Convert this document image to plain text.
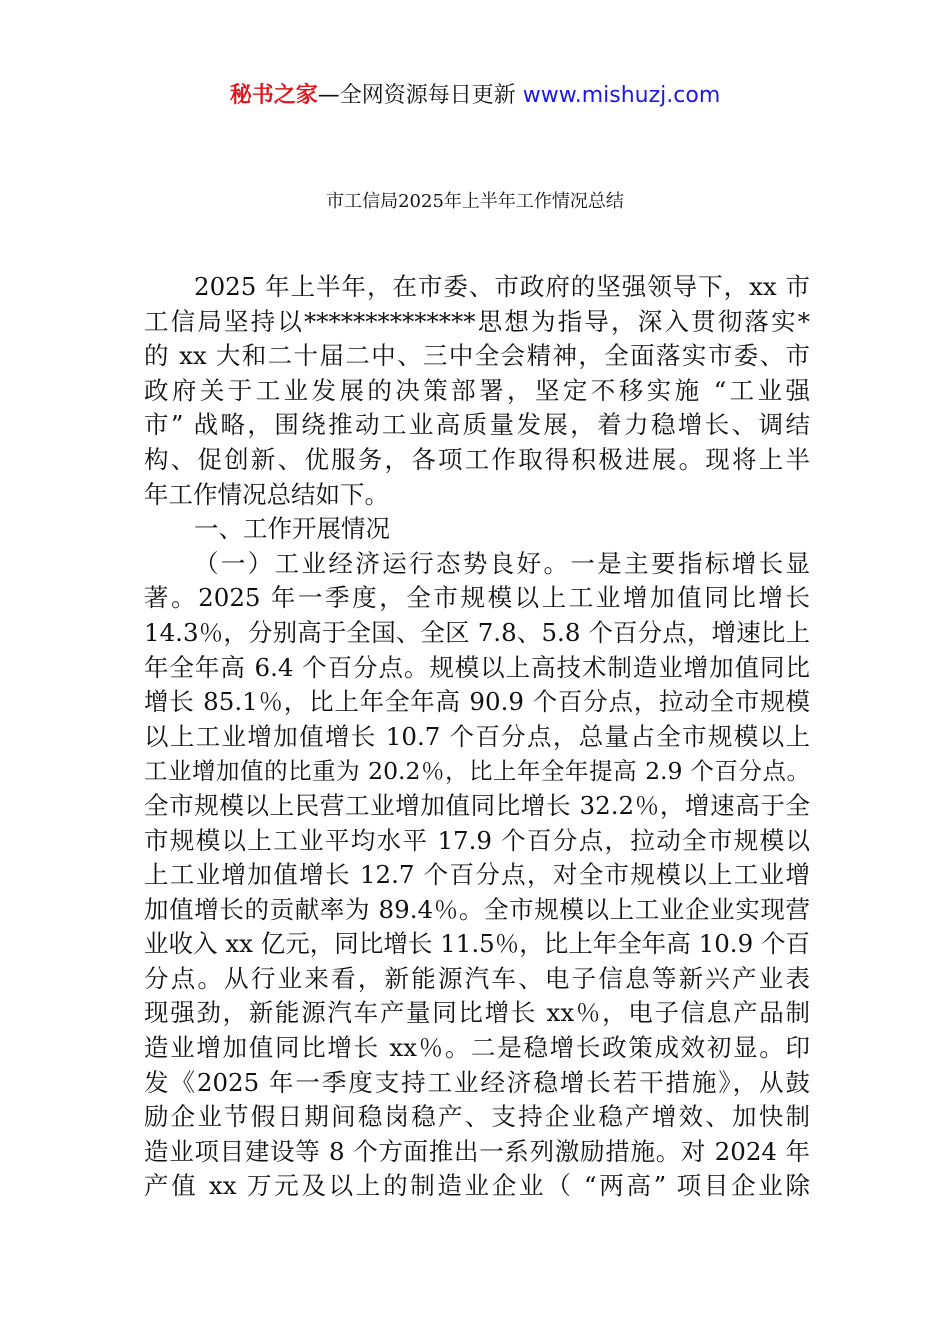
秘书之家—全网资源每日更新 www.mishuzj.com
市工信局2025年上半年工作情况总结
2025 年上半年，在市委、市政府的坚强领导下，xx 市
工信局坚持以**************思想为指导，深入贯彻落实*
的 xx 大和二十届二中、三中全会精神，全面落实市委、市
政府关于工业发展的决策部署，坚定不移实施 “工业强
市” 战略，围绕推动工业高质量发展，着力稳增长、调结
构、促创新、优服务，各项工作取得积极进展。现将上半
年工作情况总结如下。
一、工作开展情况
（一）工业经济运行态势良好。一是主要指标增长显
著。2025 年一季度，全市规模以上工业增加值同比增长
14.3％，分别高于全国、全区 7.8、5.8 个百分点，增速比上
年全年高 6.4 个百分点。规模以上高技术制造业增加值同比
增长 85.1％，比上年全年高 90.9 个百分点，拉动全市规模
以上工业增加值增长 10.7 个百分点，总量占全市规模以上
工业增加值的比重为 20.2％，比上年全年提高 2.9 个百分点。
全市规模以上民营工业增加值同比增长 32.2％，增速高于全
市规模以上工业平均水平 17.9 个百分点，拉动全市规模以
上工业增加值增长 12.7 个百分点，对全市规模以上工业增
加值增长的贡献率为 89.4％。全市规模以上工业企业实现营
业收入 xx 亿元，同比增长 11.5％，比上年全年高 10.9 个百
分点。从行业来看，新能源汽车、电子信息等新兴产业表
现强劲，新能源汽车产量同比增长 xx％，电子信息产品制
造业增加值同比增长 xx％。二是稳增长政策成效初显。印
发《2025 年一季度支持工业经济稳增长若干措施》，从鼓
励企业节假日期间稳岗稳产、支持企业稳产增效、加快制
造业项目建设等 8 个方面推出一系列激励措施。对 2024 年
产值 xx 万元及以上的制造业企业（ “两高” 项目企业除
